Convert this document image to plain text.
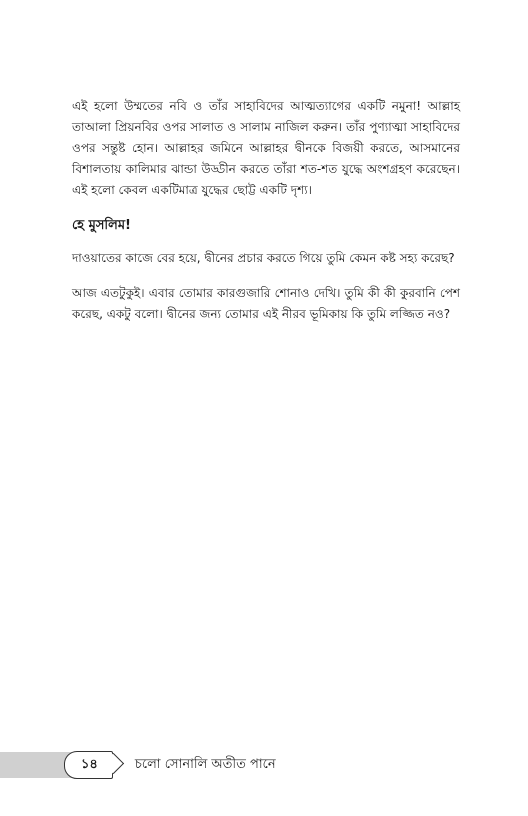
এই হলো উম্মতের নবি ও তাঁর সাহাবিদের আত্মত্যাগের একটি নমুনা! আল্লাহ তাআলা প্রিয়নবির ওপর সালাত ও সালাম নাজিল করুন। তাঁর পুণ্যাত্মা সাহাবিদের ওপর সন্তুষ্ট হোন। আল্লাহর জমিনে আল্লাহর দ্বীনকে বিজয়ী করতে, আসমানের বিশালতায় কালিমার ঝান্ডা উড্ডীন করতে তাঁরা শত-শত যুদ্ধে অংশগ্রহণ করেছেন। এই হলো কেবল একটিমাত্র যুদ্ধের ছোট্ট একটি দৃশ্য।

হে মুসলিম!

দাওয়াতের কাজে বের হয়ে, দ্বীনের প্রচার করতে গিয়ে তুমি কেমন কষ্ট সহ্য করেছ?

আজ এতটুকুই। এবার তোমার কারগুজারি শোনাও দেখি। তুমি কী কী কুরবানি পেশ করেছ, একটু বলো। দ্বীনের জন্য তোমার এই নীরব ভূমিকায় কি তুমি লজ্জিত নও?

১৪	চলো সোনালি অতীত পানে
